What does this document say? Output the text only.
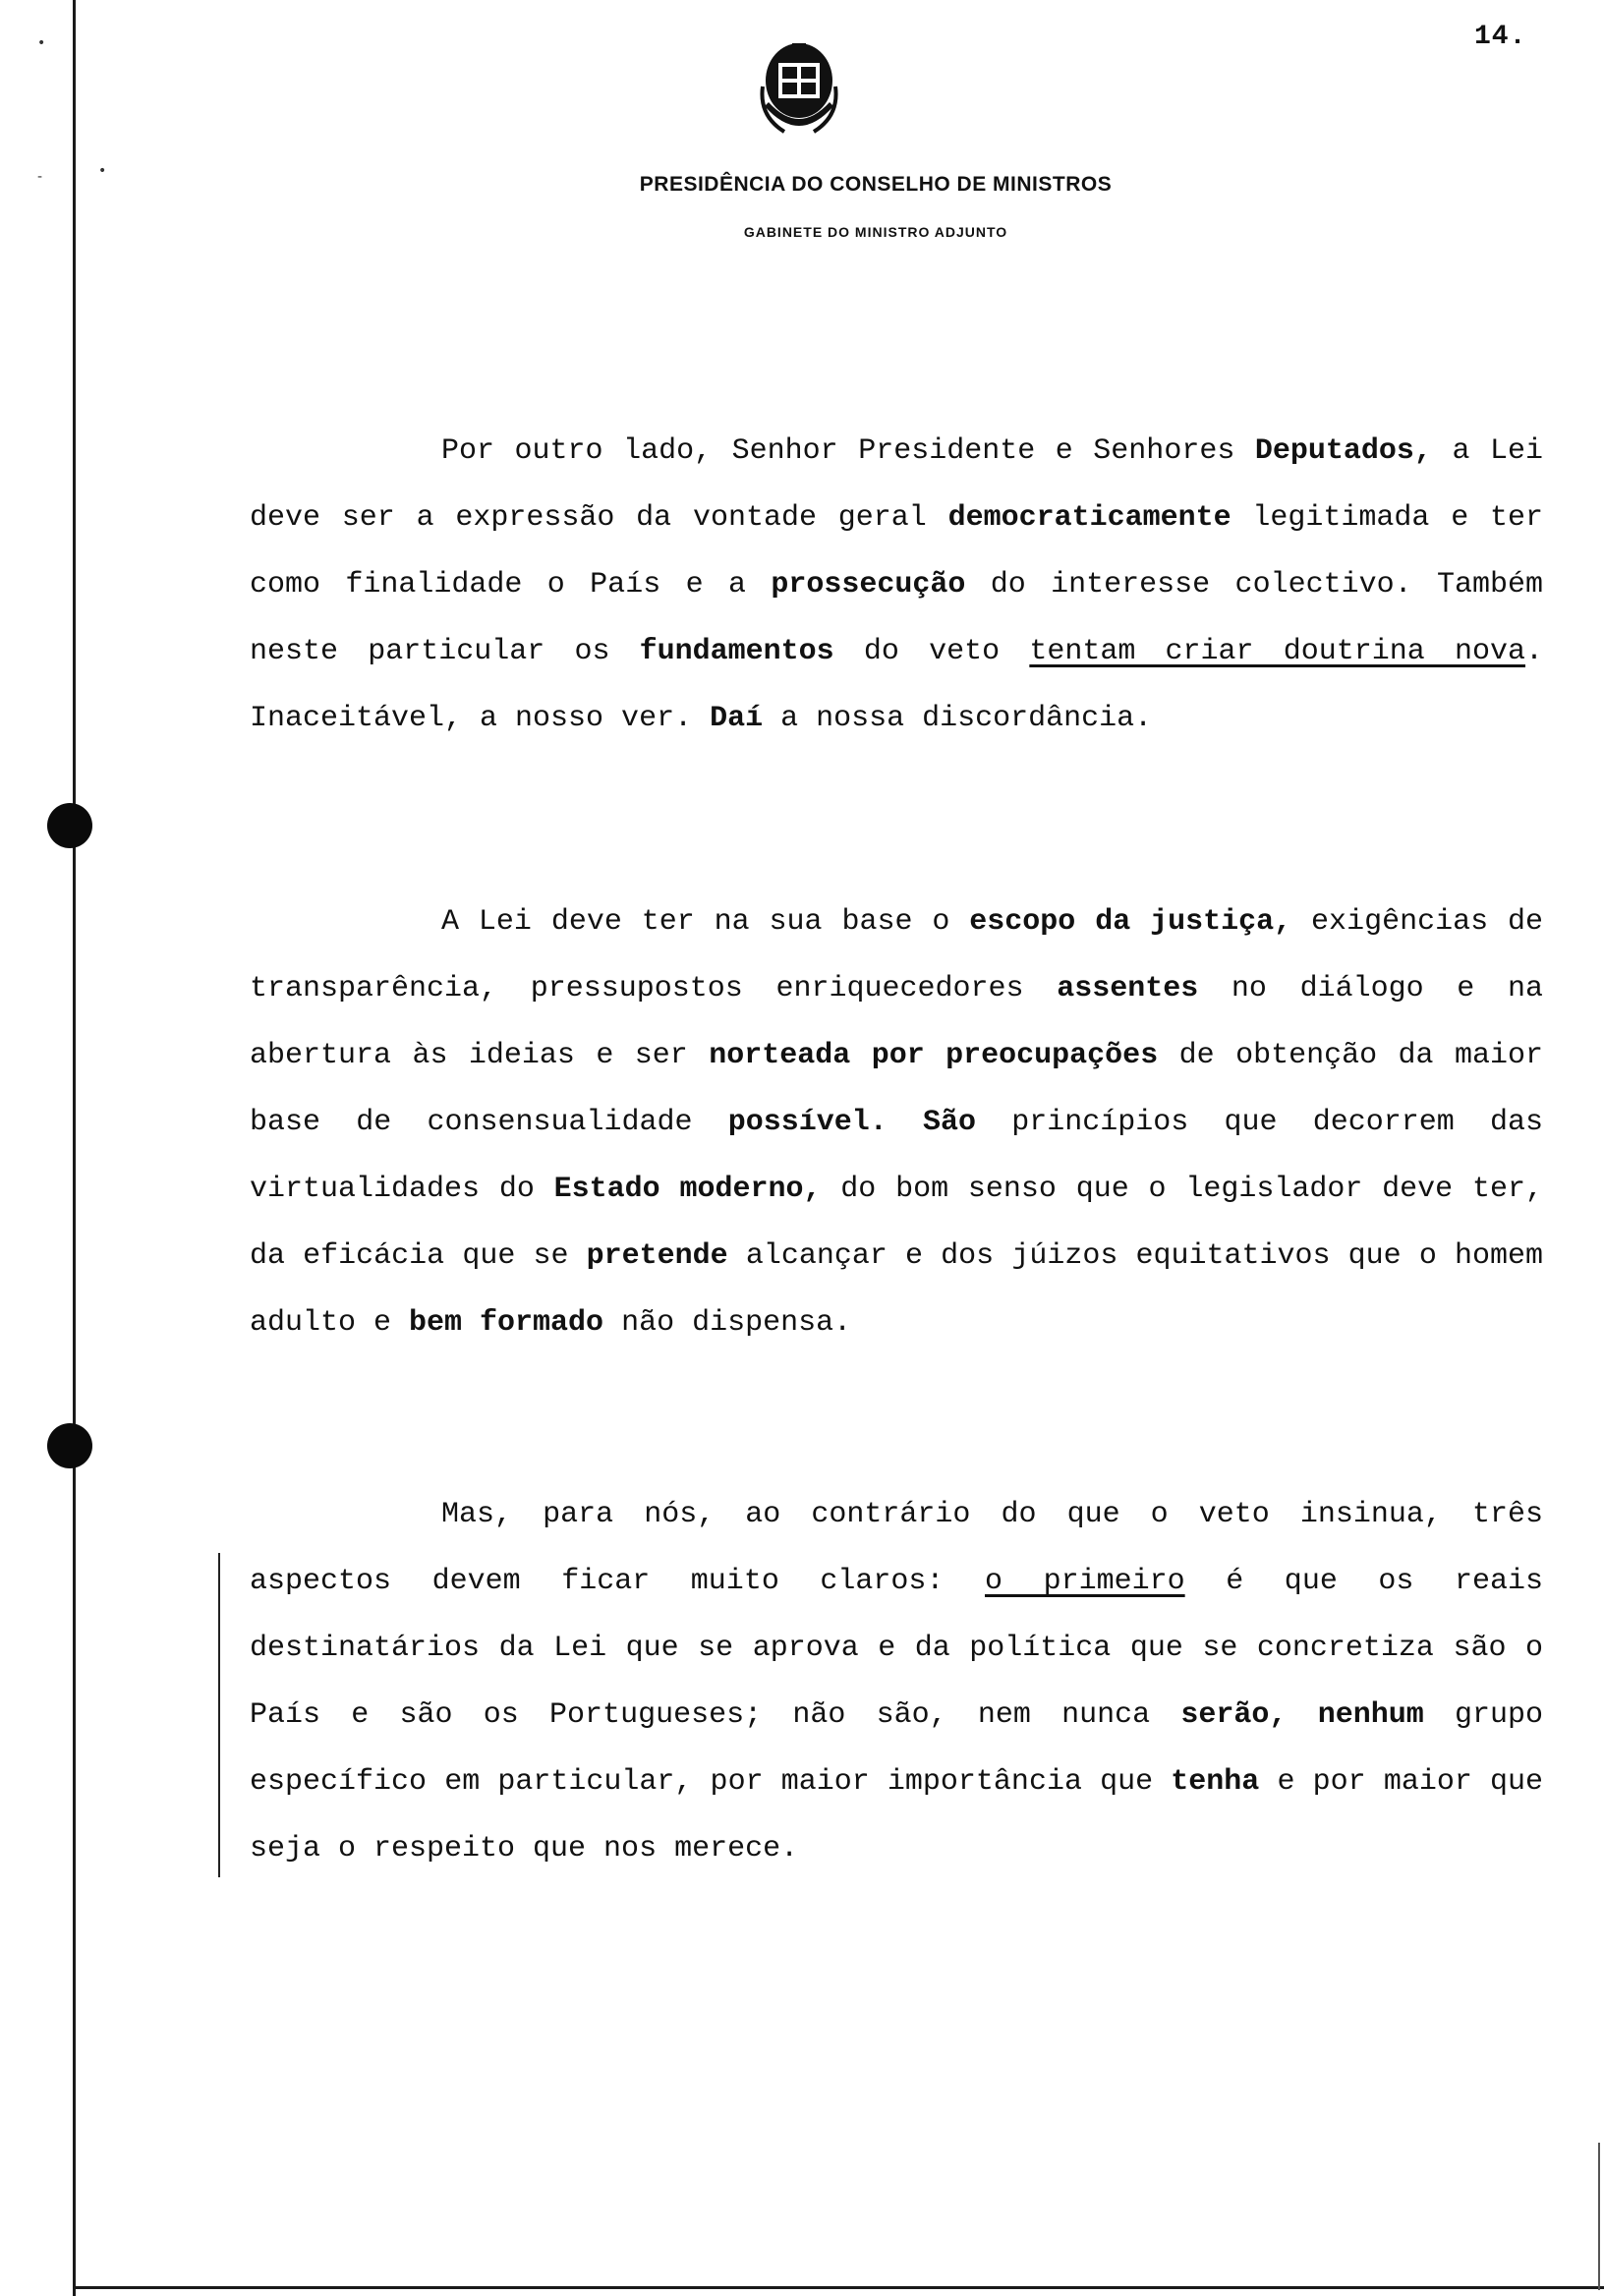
•
-	•
14.
PRESIDÊNCIA DO CONSELHO DE MINISTROS
GABINETE DO MINISTRO ADJUNTO

Por outro lado, Senhor Presidente e Senhores Deputados, a Lei deve ser a expressão da vontade geral democraticamente legitimada e ter como finalidade o País e a prossecução do interesse colectivo. Também neste particular os fundamentos do veto tentam criar doutrina nova. Inaceitável, a nosso ver. Daí a nossa discordância.

A Lei deve ter na sua base o escopo da justiça, exigências de transparência, pressupostos enriquecedores assentes no diálogo e na abertura às ideias e ser norteada por preocupações de obtenção da maior base de consensualidade possível. São princípios que decorrem das virtualidades do Estado moderno, do bom senso que o legislador deve ter, da eficácia que se pretende alcançar e dos júizos equitativos que o homem adulto e bem formado não dispensa.

Mas, para nós, ao contrário do que o veto insinua, três aspectos devem ficar muito claros: o primeiro é que os reais destinatários da Lei que se aprova e da política que se concretiza são o País e são os Portugueses; não são, nem nunca serão, nenhum grupo específico em particular, por maior importância que tenha e por maior que seja o respeito que nos merece.
